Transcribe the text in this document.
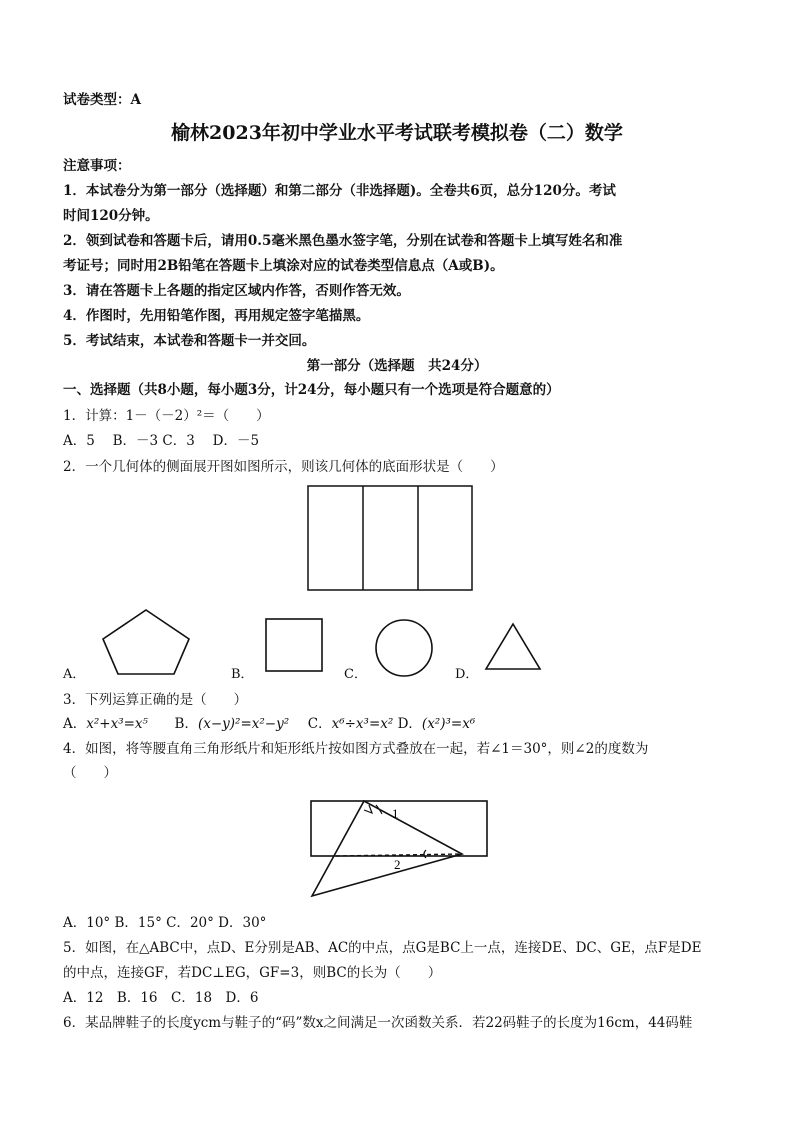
试卷类型：A
榆林2023年初中学业水平考试联考模拟卷（二）数学
注意事项：
1．本试卷分为第一部分（选择题）和第二部分（非选择题)。全卷共6页，总分120分。考试
时间120分钟。
2．领到试卷和答题卡后，请用0.5毫米黑色墨水签字笔，分别在试卷和答题卡上填写姓名和准
考证号；同时用2B铅笔在答题卡上填涂对应的试卷类型信息点（A或B)。
3．请在答题卡上各题的指定区域内作答，否则作答无效。
4．作图时，先用铅笔作图，再用规定签字笔描黑。
5．考试结束，本试卷和答题卡一并交回。
第一部分（选择题　共24分）
一、选择题（共8小题，每小题3分，计24分，每小题只有一个选项是符合题意的）
1．计算：1－（－2）²＝（　　）
A．5　 B．－3 C．3　 D．－5
2．一个几何体的侧面展开图如图所示，则该几何体的底面形状是（　　）
A．	B．	C．	D．
3．下列运算正确的是（　　）
A．x²+x³=x⁵ B．(x−y)²=x²−y² C．x⁶÷x³=x² D．(x²)³=x⁶
4．如图，将等腰直角三角形纸片和矩形纸片按如图方式叠放在一起，若∠1＝30°，则∠2的度数为
（　　）
1
2
A．10° B．15° C．20° D．30°
5．如图，在△ABC中，点D、E分别是AB、AC的中点，点G是BC上一点，连接DE、DC、GE，点F是DE
的中点，连接GF，若DC⊥EG，GF=3，则BC的长为（　　）
A．12　B．16　C．18　D．6
6．某品牌鞋子的长度ycm与鞋子的“码”数x之间满足一次函数关系．若22码鞋子的长度为16cm，44码鞋
